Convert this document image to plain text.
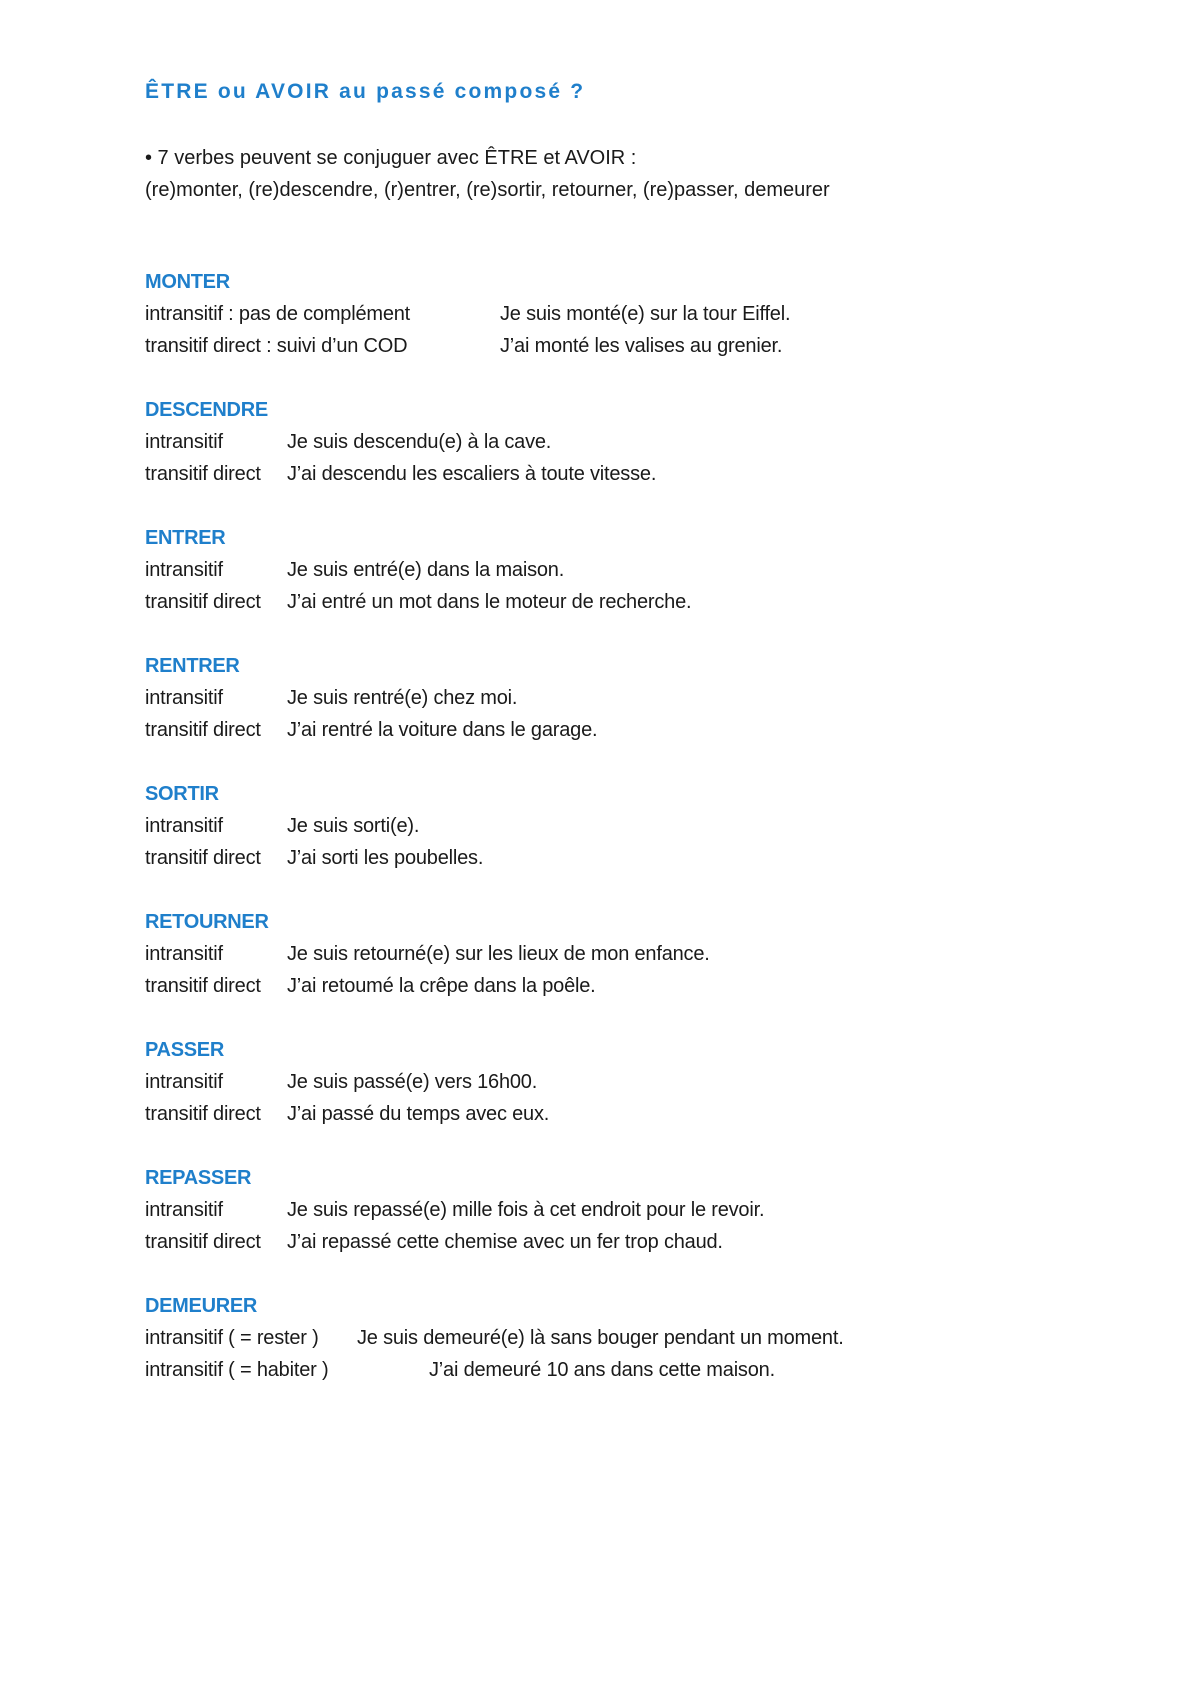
ÊTRE ou AVOIR au passé composé ?
• 7 verbes peuvent se conjuguer avec ÊTRE et AVOIR :
(re)monter, (re)descendre, (r)entrer, (re)sortir, retourner, (re)passer, demeurer
MONTER
intransitif : pas de complément	Je suis monté(e) sur la tour Eiffel.
transitif direct : suivi d’un COD	J’ai monté les valises au grenier.
DESCENDRE
intransitif	Je suis descendu(e) à la cave.
transitif direct	J’ai descendu les escaliers à toute vitesse.
ENTRER
intransitif	Je suis entré(e) dans la maison.
transitif direct	J’ai entré un mot dans le moteur de recherche.
RENTRER
intransitif	Je suis rentré(e) chez moi.
transitif direct	J’ai rentré la voiture dans le garage.
SORTIR
intransitif	Je suis sorti(e).
transitif direct	J’ai sorti les poubelles.
RETOURNER
intransitif	Je suis retourné(e) sur les lieux de mon enfance.
transitif direct	J’ai retoumé la crêpe dans la poêle.
PASSER
intransitif	Je suis passé(e) vers 16h00.
transitif direct	J’ai passé du temps avec eux.
REPASSER
intransitif	Je suis repassé(e) mille fois à cet endroit pour le revoir.
transitif direct	J’ai repassé cette chemise avec un fer trop chaud.
DEMEURER
intransitif ( = rester )	Je suis demeuré(e) là sans bouger pendant un moment.
intransitif ( = habiter )	J’ai demeuré 10 ans dans cette maison.
